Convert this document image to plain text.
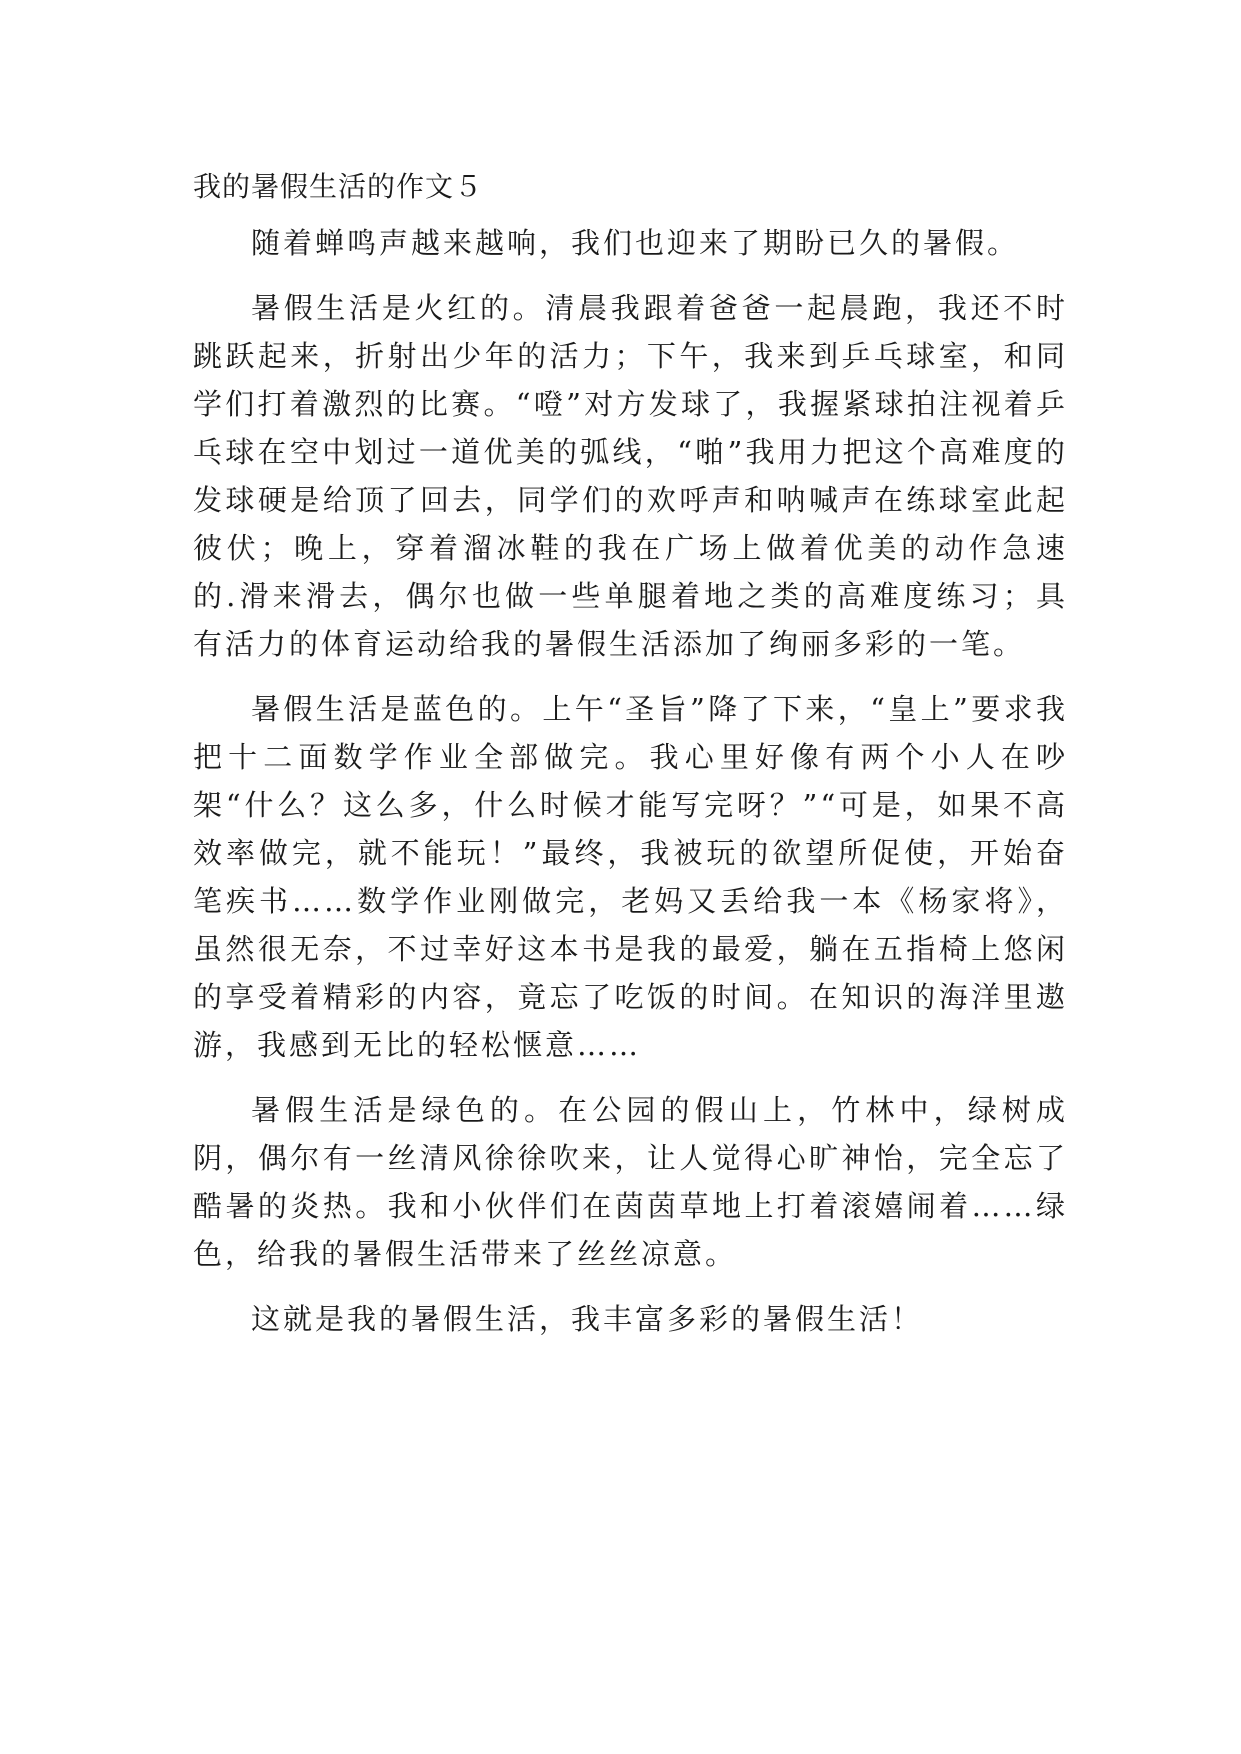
我的暑假生活的作文５

随着蝉鸣声越来越响，我们也迎来了期盼已久的暑假。

暑假生活是火红的。清晨我跟着爸爸一起晨跑，我还不时跳跃起来，折射出少年的活力；下午，我来到乒乓球室，和同学们打着激烈的比赛。“噔”对方发球了，我握紧球拍注视着乒乓球在空中划过一道优美的弧线，“啪”我用力把这个高难度的发球硬是给顶了回去，同学们的欢呼声和呐喊声在练球室此起彼伏；晚上，穿着溜冰鞋的我在广场上做着优美的动作急速的.滑来滑去，偶尔也做一些单腿着地之类的高难度练习；具有活力的体育运动给我的暑假生活添加了绚丽多彩的一笔。

暑假生活是蓝色的。上午“圣旨”降了下来，“皇上”要求我把十二面数学作业全部做完。我心里好像有两个小人在吵架“什么？这么多，什么时候才能写完呀？”“可是，如果不高效率做完，就不能玩！”最终，我被玩的欲望所促使，开始奋笔疾书……数学作业刚做完，老妈又丢给我一本《杨家将》，虽然很无奈，不过幸好这本书是我的最爱，躺在五指椅上悠闲的享受着精彩的内容，竟忘了吃饭的时间。在知识的海洋里遨游，我感到无比的轻松惬意……

暑假生活是绿色的。在公园的假山上，竹林中，绿树成阴，偶尔有一丝清风徐徐吹来，让人觉得心旷神怡，完全忘了酷暑的炎热。我和小伙伴们在茵茵草地上打着滚嬉闹着……绿色，给我的暑假生活带来了丝丝凉意。

这就是我的暑假生活，我丰富多彩的暑假生活！
